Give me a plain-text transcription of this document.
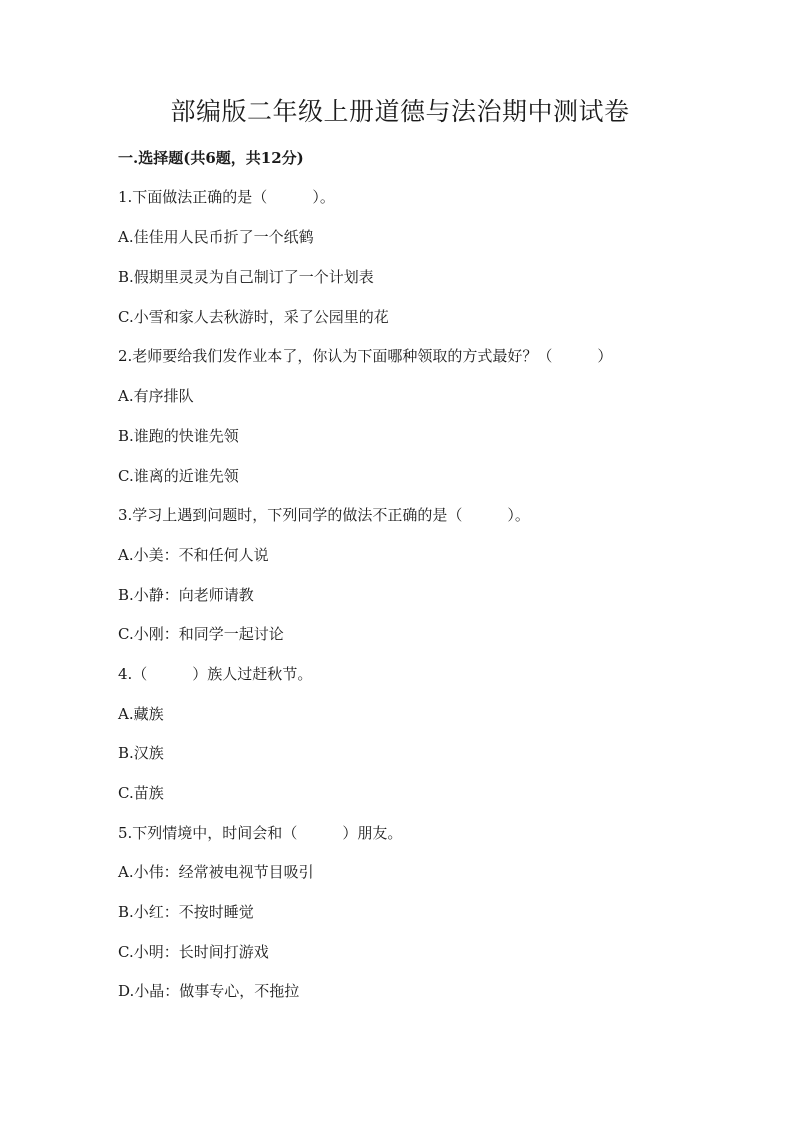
部编版二年级上册道德与法治期中测试卷
一.选择题(共6题，共12分)
1.下面做法正确的是（　　　）。
A.佳佳用人民币折了一个纸鹤
B.假期里灵灵为自己制订了一个计划表
C.小雪和家人去秋游时，采了公园里的花
2.老师要给我们发作业本了，你认为下面哪种领取的方式最好？（　　　）
A.有序排队
B.谁跑的快谁先领
C.谁离的近谁先领
3.学习上遇到问题时，下列同学的做法不正确的是（　　　）。
A.小美：不和任何人说
B.小静：向老师请教
C.小刚：和同学一起讨论
4.（　　　）族人过赶秋节。
A.藏族
B.汉族
C.苗族
5.下列情境中，时间会和（　　　）朋友。
A.小伟：经常被电视节目吸引
B.小红：不按时睡觉
C.小明：长时间打游戏
D.小晶：做事专心，不拖拉
